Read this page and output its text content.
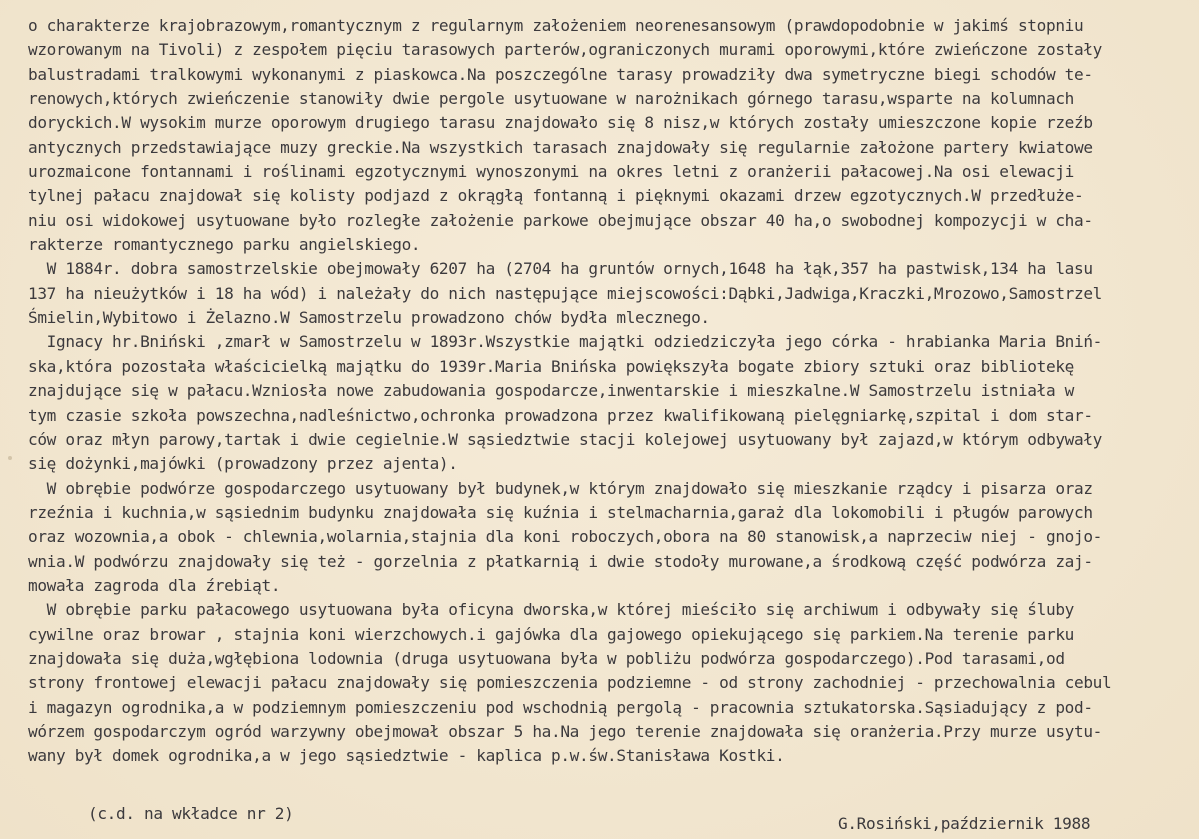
o charakterze krajobrazowym,romantycznym z regularnym założeniem neorenesansowym (prawdopodobnie w jakimś stopniu
wzorowanym na Tivoli) z zespołem pięciu tarasowych parterów,ograniczonych murami oporowymi,które zwieńczone zostały
balustradami tralkowymi wykonanymi z piaskowca.Na poszczególne tarasy prowadziły dwa symetryczne biegi schodów te-
renowych,których zwieńczenie stanowiły dwie pergole usytuowane w narożnikach górnego tarasu,wsparte na kolumnach
doryckich.W wysokim murze oporowym drugiego tarasu znajdowało się 8 nisz,w których zostały umieszczone kopie rzeźb
antycznych przedstawiające muzy greckie.Na wszystkich tarasach znajdowały się regularnie założone partery kwiatowe
urozmaicone fontannami i roślinami egzotycznymi wynoszonymi na okres letni z oranżerii pałacowej.Na osi elewacji
tylnej pałacu znajdował się kolisty podjazd z okrągłą fontanną i pięknymi okazami drzew egzotycznych.W przedłuże-
niu osi widokowej usytuowane było rozległe założenie parkowe obejmujące obszar 40 ha,o swobodnej kompozycji w cha-
rakterze romantycznego parku angielskiego.
W 1884r. dobra samostrzelskie obejmowały 6207 ha (2704 ha gruntów ornych,1648 ha łąk,357 ha pastwisk,134 ha lasu
137 ha nieużytków i 18 ha wód) i należały do nich następujące miejscowości:Dąbki,Jadwiga,Kraczki,Mrozowo,Samostrzel
Śmielin,Wybitowo i Żelazno.W Samostrzelu prowadzono chów bydła mlecznego.
Ignacy hr.Bniński ,zmarł w Samostrzelu w 1893r.Wszystkie majątki odziedziczyła jego córka - hrabianka Maria Bniń-
ska,która pozostała właścicielką majątku do 1939r.Maria Bnińska powiększyła bogate zbiory sztuki oraz bibliotekę
znajdujące się w pałacu.Wzniosła nowe zabudowania gospodarcze,inwentarskie i mieszkalne.W Samostrzelu istniała w
tym czasie szkoła powszechna,nadleśnictwo,ochronka prowadzona przez kwalifikowaną pielęgniarkę,szpital i dom star-
ców oraz młyn parowy,tartak i dwie cegielnie.W sąsiedztwie stacji kolejowej usytuowany był zajazd,w którym odbywały
się dożynki,majówki (prowadzony przez ajenta).
W obrębie podwórze gospodarczego usytuowany był budynek,w którym znajdowało się mieszkanie rządcy i pisarza oraz
rzeźnia i kuchnia,w sąsiednim budynku znajdowała się kuźnia i stelmacharnia,garaż dla lokomobili i pługów parowych
oraz wozownia,a obok - chlewnia,wolarnia,stajnia dla koni roboczych,obora na 80 stanowisk,a naprzeciw niej - gnojo-
wnia.W podwórzu znajdowały się też - gorzelnia z płatkarnią i dwie stodoły murowane,a środkową część podwórza zaj-
mowała zagroda dla źrebiąt.
W obrębie parku pałacowego usytuowana była oficyna dworska,w której mieściło się archiwum i odbywały się śluby
cywilne oraz browar , stajnia koni wierzchowych.i gajówka dla gajowego opiekującego się parkiem.Na terenie parku
znajdowała się duża,wgłębiona lodownia (druga usytuowana była w pobliżu podwórza gospodarczego).Pod tarasami,od
strony frontowej elewacji pałacu znajdowały się pomieszczenia podziemne - od strony zachodniej - przechowalnia cebul
i magazyn ogrodnika,a w podziemnym pomieszczeniu pod wschodnią pergolą - pracownia sztukatorska.Sąsiadujący z pod-
wórzem gospodarczym ogród warzywny obejmował obszar 5 ha.Na jego terenie znajdowała się oranżeria.Przy murze usytu-
wany był domek ogrodnika,a w jego sąsiedztwie - kaplica p.w.św.Stanisława Kostki.
(c.d. na wkładce nr 2)
G.Rosiński,październik 1988
